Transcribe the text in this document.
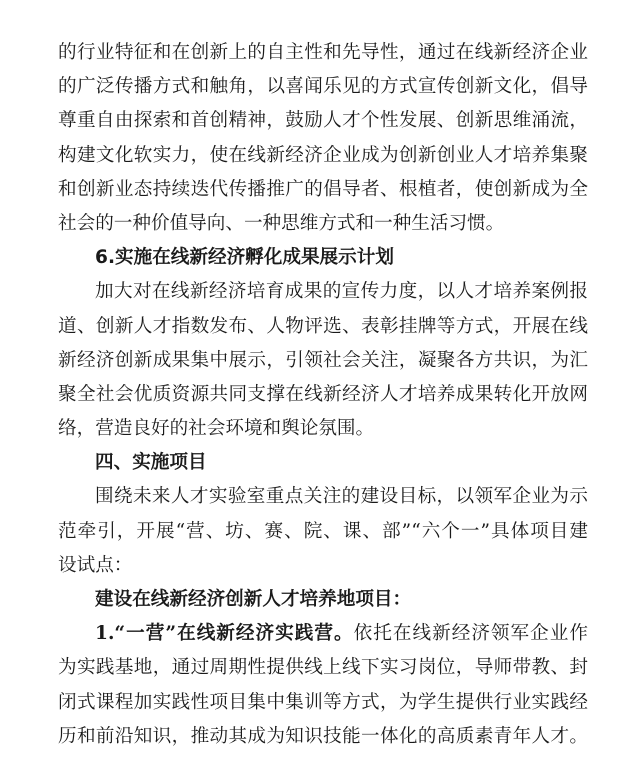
的行业特征和在创新上的自主性和先导性，通过在线新经济企业
的广泛传播方式和触角，以喜闻乐见的方式宣传创新文化，倡导
尊重自由探索和首创精神，鼓励人才个性发展、创新思维涌流，
构建文化软实力，使在线新经济企业成为创新创业人才培养集聚
和创新业态持续迭代传播推广的倡导者、根植者，使创新成为全
社会的一种价值导向、一种思维方式和一种生活习惯。
6.实施在线新经济孵化成果展示计划
加大对在线新经济培育成果的宣传力度，以人才培养案例报
道、创新人才指数发布、人物评选、表彰挂牌等方式，开展在线
新经济创新成果集中展示，引领社会关注，凝聚各方共识，为汇
聚全社会优质资源共同支撑在线新经济人才培养成果转化开放网
络，营造良好的社会环境和舆论氛围。
四、实施项目
围绕未来人才实验室重点关注的建设目标，以领军企业为示
范牵引，开展“营、坊、赛、院、课、部”“六个一”具体项目建
设试点：
建设在线新经济创新人才培养地项目：
1.“一营”在线新经济实践营。依托在线新经济领军企业作
为实践基地，通过周期性提供线上线下实习岗位，导师带教、封
闭式课程加实践性项目集中集训等方式，为学生提供行业实践经
历和前沿知识，推动其成为知识技能一体化的高质素青年人才。
